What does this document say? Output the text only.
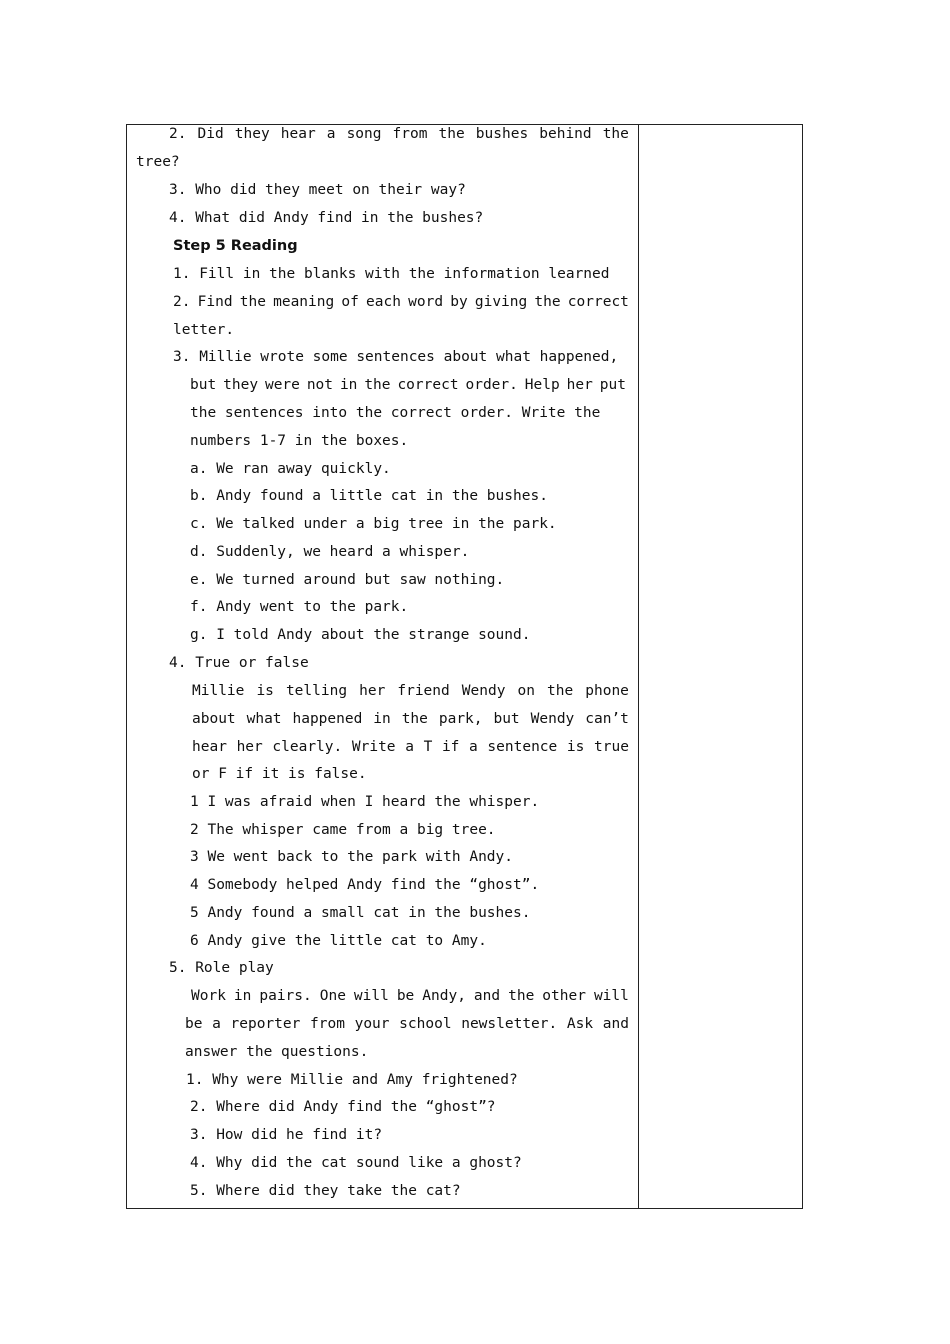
2. Did they hear a song from the bushes behind the
tree?
3. Who did they meet on their way?
4. What did Andy find in the bushes?
Step 5 Reading
1. Fill in the blanks with the information learned
2. Find the meaning of each word by giving the correct
letter.
3. Millie wrote some sentences about what happened,
but they were not in the correct order. Help her put
the sentences into the correct order. Write the
numbers 1-7 in the boxes.
a. We ran away quickly.
b. Andy found a little cat in the bushes.
c. We talked under a big tree in the park.
d. Suddenly, we heard a whisper.
e. We turned around but saw nothing.
f. Andy went to the park.
g. I told Andy about the strange sound.
4. True or false
Millie is telling her friend Wendy on the phone
about what happened in the park, but Wendy can’t
hear her clearly. Write a T if a sentence is true
or F if it is false.
1 I was afraid when I heard the whisper.
2 The whisper came from a big tree.
3 We went back to the park with Andy.
4 Somebody helped Andy find the “ghost”.
5 Andy found a small cat in the bushes.
6 Andy give the little cat to Amy.
5. Role play
Work in pairs. One will be Andy, and the other will
be a reporter from your school newsletter. Ask and
answer the questions.
1. Why were Millie and Amy frightened?
2. Where did Andy find the “ghost”?
3. How did he find it?
4. Why did the cat sound like a ghost?
5. Where did they take the cat?
